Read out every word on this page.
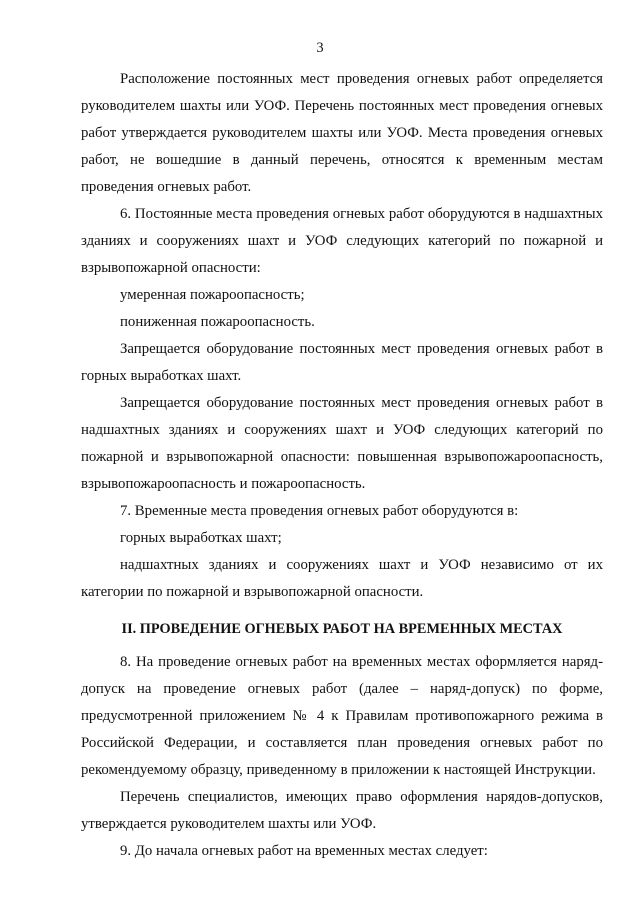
3

Расположение постоянных мест проведения огневых работ определяется руководителем шахты или УОФ. Перечень постоянных мест проведения огневых работ утверждается руководителем шахты или УОФ. Места проведения огневых работ, не вошедшие в данный перечень, относятся к временным местам проведения огневых работ.

6. Постоянные места проведения огневых работ оборудуются в надшахтных зданиях и сооружениях шахт и УОФ следующих категорий по пожарной и взрывопожарной опасности:

умеренная пожароопасность;

пониженная пожароопасность.

Запрещается оборудование постоянных мест проведения огневых работ в горных выработках шахт.

Запрещается оборудование постоянных мест проведения огневых работ в надшахтных зданиях и сооружениях шахт и УОФ следующих категорий по пожарной и взрывопожарной опасности: повышенная взрывопожароопасность, взрывопожароопасность и пожароопасность.

7. Временные места проведения огневых работ оборудуются в:

горных выработках шахт;

надшахтных зданиях и сооружениях шахт и УОФ независимо от их категории по пожарной и взрывопожарной опасности.

II. ПРОВЕДЕНИЕ ОГНЕВЫХ РАБОТ НА ВРЕМЕННЫХ МЕСТАХ

8. На проведение огневых работ на временных местах оформляется наряд-допуск на проведение огневых работ (далее – наряд-допуск) по форме, предусмотренной приложением № 4 к Правилам противопожарного режима в Российской Федерации, и составляется план проведения огневых работ по рекомендуемому образцу, приведенному в приложении к настоящей Инструкции.

Перечень специалистов, имеющих право оформления нарядов-допусков, утверждается руководителем шахты или УОФ.

9. До начала огневых работ на временных местах следует:
